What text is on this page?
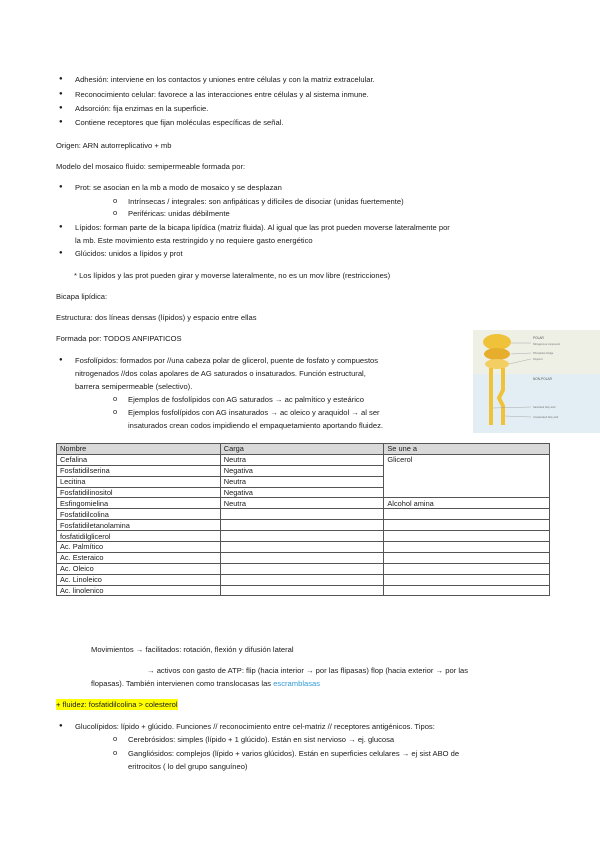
● Adhesión: interviene en los contactos y uniones entre células y con la matriz extracelular.
● Reconocimiento celular: favorece a las interacciones entre células y al sistema inmune.
● Adsorción: fija enzimas en la superficie.
● Contiene receptores que fijan moléculas específicas de señal.
Origen: ARN autorreplicativo + mb
Modelo del mosaico fluido: semipermeable formada por:
● Prot: se asocian en la mb a modo de mosaico y se desplazan
o Intrínsecas / integrales: son anfipáticas y difíciles de disociar (unidas fuertemente)
o Periféricas: unidas débilmente
● Lípidos: forman parte de la bicapa lipídica (matriz fluida). Al igual que las prot pueden moverse lateralmente por
la mb. Este movimiento esta restringido y no requiere gasto energético
● Glúcidos: unidos a lípidos y prot
* Los lípidos y las prot pueden girar y moverse lateralmente, no es un mov libre (restricciones)
Bicapa lipídica:
Estructura: dos líneas densas (lípidos) y espacio entre ellas
Formada por: TODOS ANFIPATICOS
● Fosfolípidos: formados por //una cabeza polar de glicerol, puente de fosfato y compuestos
nitrogenados //dos colas apolares de AG saturados o insaturados. Función estructural,
barrera semipermeable (selectivo).
o Ejemplos de fosfolípidos con AG saturados → ac palmítico y esteárico
o Ejemplos fosfolípidos con AG insaturados → ac oleico y araquidol → al ser
insaturados crean codos impidiendo el empaquetamiento aportando fluidez.
POLAR
Nitrogenous compound
Phosphate bridge
Glycerol
NON-POLAR
Saturated fatty acid
Unsaturated fatty acid
Nombre	Carga	Se une a
Cefalina	Neutra	Glicerol
Fosfatidilserina	Negativa	
Lecitina	Neutra	
Fosfatidilinositol	Negativa	
Esfingomielina	Neutra	Alcohol amina
Fosfatidilcolina		
Fosfatidiletanolamina		
fosfatidilglicerol		
Ac. Palmítico		
Ac. Esteraico		
Ac. Oleico		
Ac. Linoleico		
Ac. linolenico		
Movimientos → facilitados: rotación, flexión y difusión lateral
→ activos con gasto de ATP: flip (hacia interior → por las flipasas) flop (hacia exterior → por las
flopasas). También intervienen como translocasas las escramblasas
+ fluidez: fosfatidilcolina > colesterol
● Glucolípidos: lípido + glúcido. Funciones // reconocimiento entre cel-matriz // receptores antigénicos. Tipos:
o Cerebrósidos: simples (lípido + 1 glúcido). Están en sist nervioso → ej. glucosa
o Gangliósidos: complejos (lípido + varios glúcidos). Están en superficies celulares → ej sist ABO de
eritrocitos ( lo del grupo sanguíneo)
